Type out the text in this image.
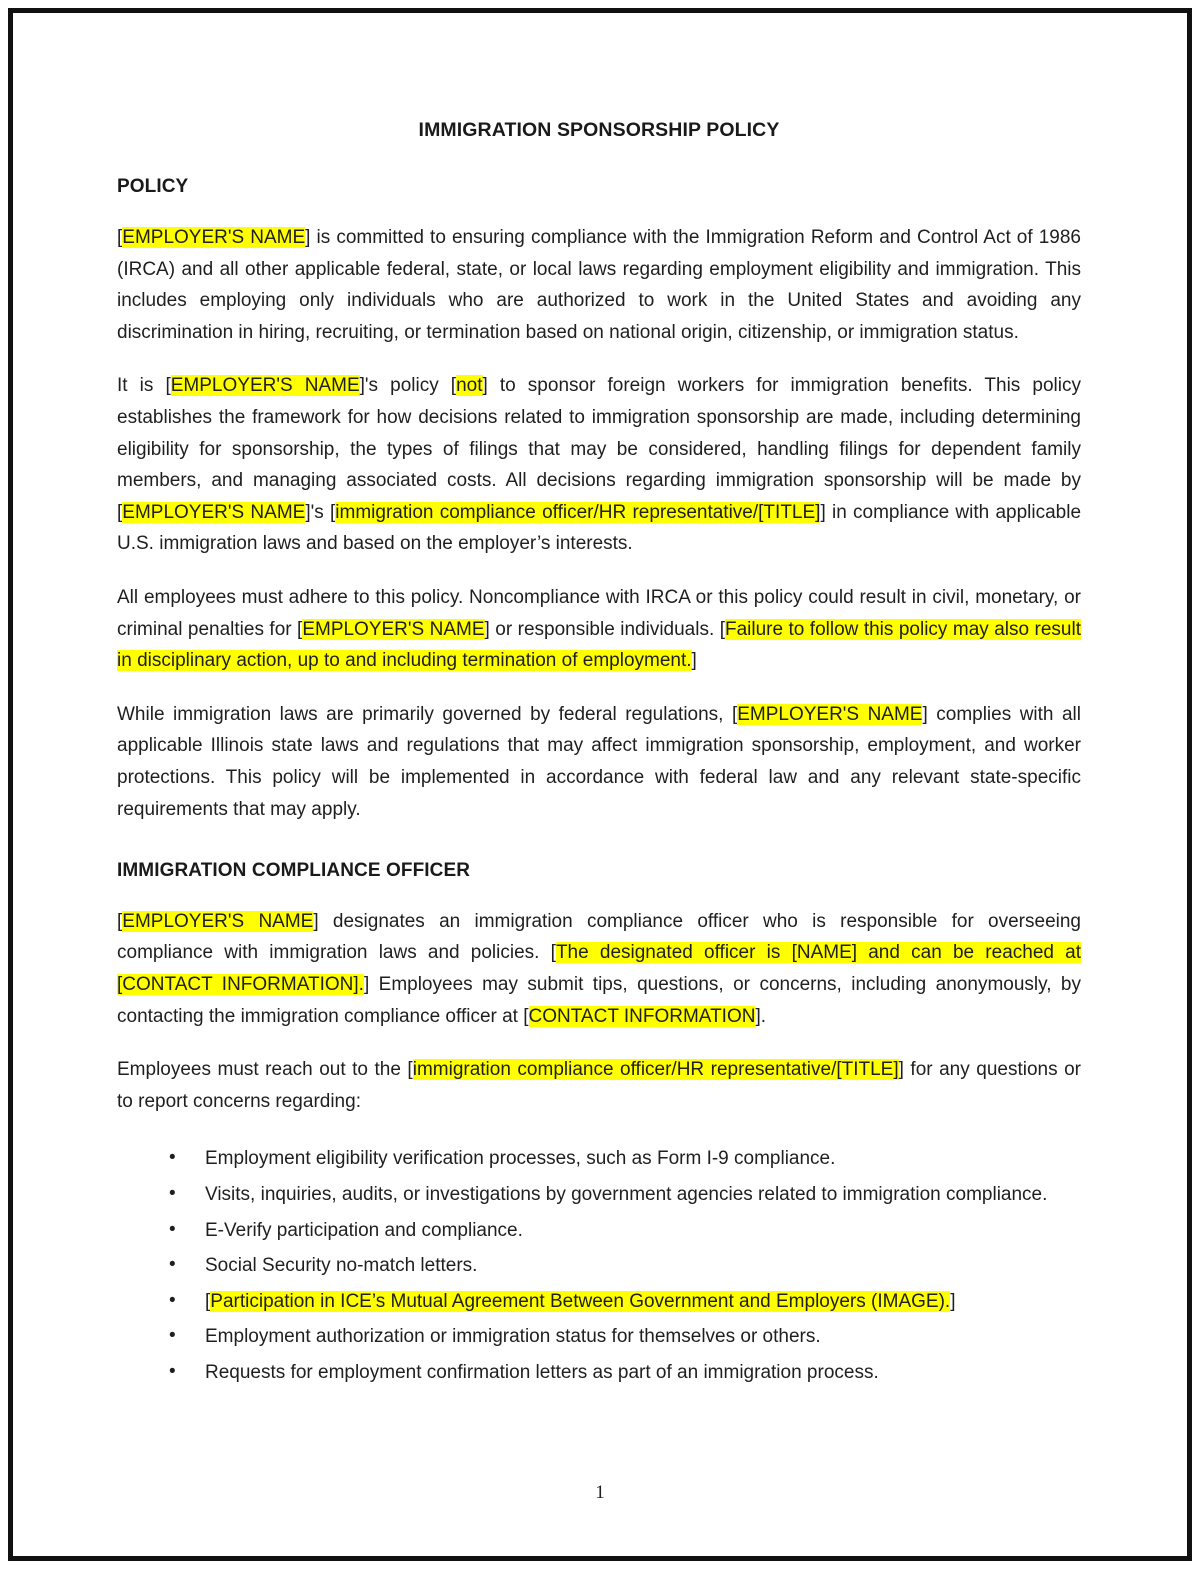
IMMIGRATION SPONSORSHIP POLICY
POLICY

[EMPLOYER'S NAME] is committed to ensuring compliance with the Immigration Reform and Control Act of 1986 (IRCA) and all other applicable federal, state, or local laws regarding employment eligibility and immigration. This includes employing only individuals who are authorized to work in the United States and avoiding any discrimination in hiring, recruiting, or termination based on national origin, citizenship, or immigration status.

It is [EMPLOYER'S NAME]'s policy [not] to sponsor foreign workers for immigration benefits. This policy establishes the framework for how decisions related to immigration sponsorship are made, including determining eligibility for sponsorship, the types of filings that may be considered, handling filings for dependent family members, and managing associated costs. All decisions regarding immigration sponsorship will be made by [EMPLOYER'S NAME]'s [immigration compliance officer/HR representative/[TITLE]] in compliance with applicable U.S. immigration laws and based on the employer’s interests.

All employees must adhere to this policy. Noncompliance with IRCA or this policy could result in civil, monetary, or criminal penalties for [EMPLOYER'S NAME] or responsible individuals. [Failure to follow this policy may also result in disciplinary action, up to and including termination of employment.]

While immigration laws are primarily governed by federal regulations, [EMPLOYER'S NAME] complies with all applicable Illinois state laws and regulations that may affect immigration sponsorship, employment, and worker protections. This policy will be implemented in accordance with federal law and any relevant state-specific requirements that may apply.

IMMIGRATION COMPLIANCE OFFICER

[EMPLOYER'S NAME] designates an immigration compliance officer who is responsible for overseeing compliance with immigration laws and policies. [The designated officer is [NAME] and can be reached at [CONTACT INFORMATION].] Employees may submit tips, questions, or concerns, including anonymously, by contacting the immigration compliance officer at [CONTACT INFORMATION].

Employees must reach out to the [immigration compliance officer/HR representative/[TITLE]] for any questions or to report concerns regarding:

• Employment eligibility verification processes, such as Form I-9 compliance.
• Visits, inquiries, audits, or investigations by government agencies related to immigration compliance.
• E-Verify participation and compliance.
• Social Security no-match letters.
• [Participation in ICE’s Mutual Agreement Between Government and Employers (IMAGE).]
• Employment authorization or immigration status for themselves or others.
• Requests for employment confirmation letters as part of an immigration process.
1
